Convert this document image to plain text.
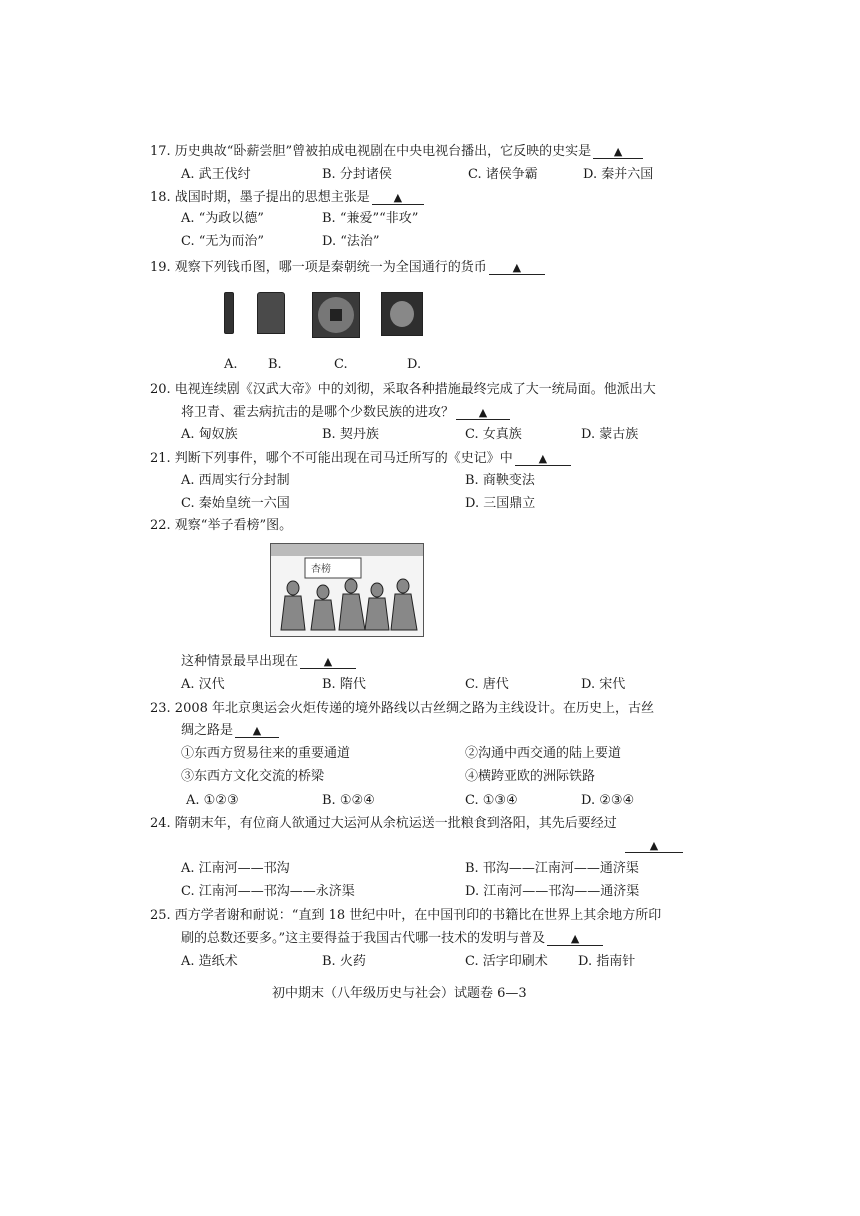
17. 历史典故“卧薪尝胆”曾被拍成电视剧在中央电视台播出，它反映的史实是 ▲
A. 武王伐纣	B. 分封诸侯	C. 诸侯争霸	D. 秦并六国
18. 战国时期，墨子提出的思想主张是 ▲
A. “为政以德”	B. “兼爱”“非攻”
C. “无为而治”	D. “法治”
19. 观察下列钱币图，哪一项是秦朝统一为全国通行的货币 ▲
A. B.	C.	D.
20. 电视连续剧《汉武大帝》中的刘彻，采取各种措施最终完成了大一统局面。他派出大
将卫青、霍去病抗击的是哪个少数民族的进攻？ ▲
A. 匈奴族	B. 契丹族	C. 女真族	D. 蒙古族
21. 判断下列事件，哪个不可能出现在司马迁所写的《史记》中 ▲
A. 西周实行分封制	B. 商鞅变法
C. 秦始皇统一六国	D. 三国鼎立
22. 观察“举子看榜”图。
杏榜
这种情景最早出现在 ▲
A. 汉代	B. 隋代	C. 唐代	D. 宋代
23. 2008 年北京奥运会火炬传递的境外路线以古丝绸之路为主线设计。在历史上，古丝
绸之路是 ▲
①东西方贸易往来的重要通道	②沟通中西交通的陆上要道
③东西方文化交流的桥梁	④横跨亚欧的洲际铁路
A. ①②③	B. ①②④	C. ①③④	D. ②③④
24. 隋朝末年，有位商人欲通过大运河从余杭运送一批粮食到洛阳，其先后要经过
▲
A. 江南河——邗沟	B. 邗沟——江南河——通济渠
C. 江南河——邗沟——永济渠	D. 江南河——邗沟——通济渠
25. 西方学者谢和耐说：“直到 18 世纪中叶，在中国刊印的书籍比在世界上其余地方所印
刷的总数还要多。”这主要得益于我国古代哪一技术的发明与普及 ▲
A. 造纸术	B. 火药	C. 活字印刷术 D. 指南针
初中期末（八年级历史与社会）试题卷 6—3
